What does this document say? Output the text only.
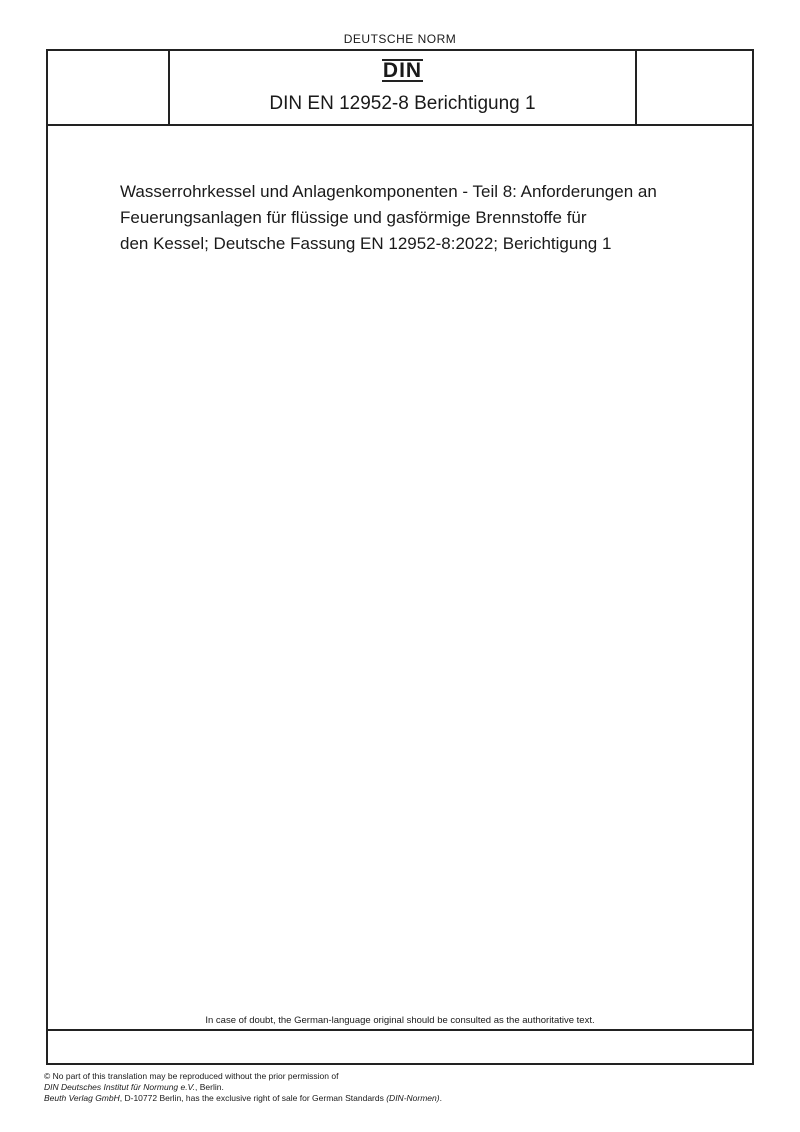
DEUTSCHE NORM
DIN
DIN EN 12952-8 Berichtigung 1
Wasserrohrkessel und Anlagenkomponenten - Teil 8: Anforderungen an
Feuerungsanlagen für flüssige und gasförmige Brennstoffe für
den Kessel; Deutsche Fassung EN 12952-8:2022; Berichtigung 1
In case of doubt, the German-language original should be consulted as the authoritative text.
© No part of this translation may be reproduced without the prior permission of
DIN Deutsches Institut für Normung e.V., Berlin.
Beuth Verlag GmbH, D-10772 Berlin, has the exclusive right of sale for German Standards (DIN-Normen).
